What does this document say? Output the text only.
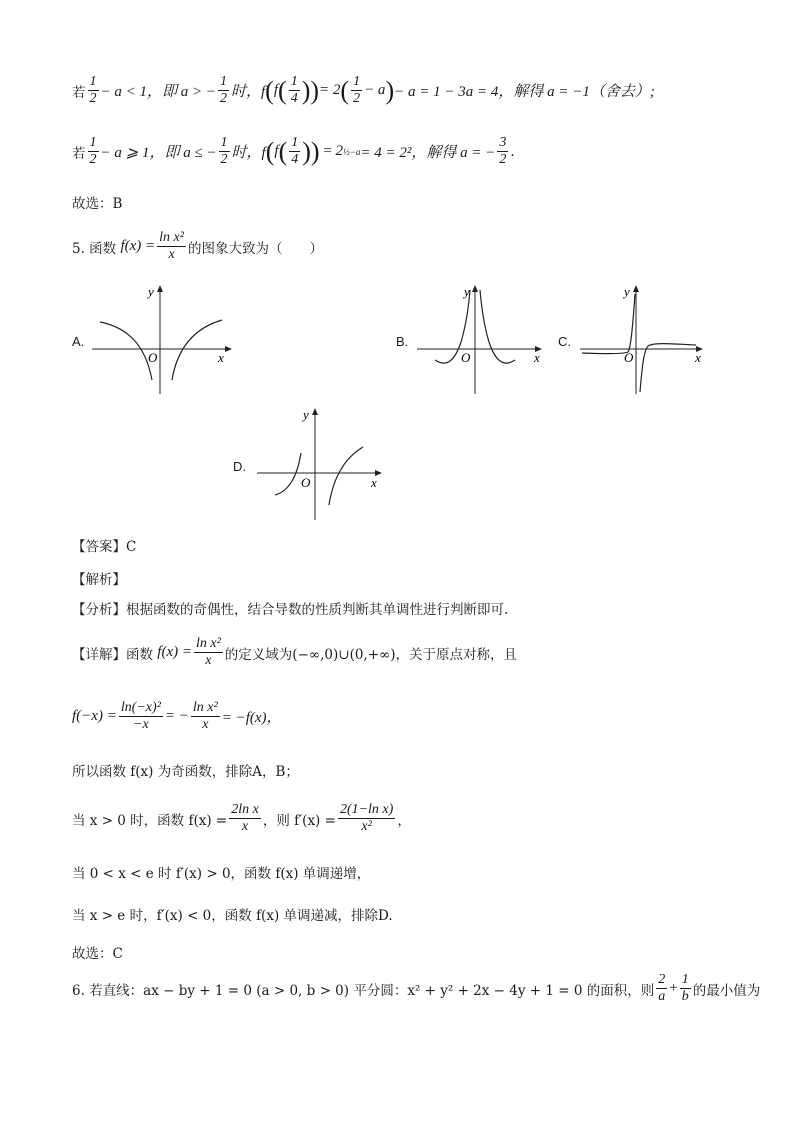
若 $\frac{1}{2} - a < 1$，即 a > − $\frac{1}{2}$ 时，f ( f ( $\frac{1}{4}$ )) = 2 ( $\frac{1}{2} - a$ ) − a = 1 − 3a = 4，解得 a = −1（舍去）;
若 $\frac{1}{2} - a$ ⩾ 1，即 a ≤ − $\frac{1}{2}$ 时，f ( f ( $\frac{1}{4}$ )) = 2 ½−a = 4 = 2²，解得 a = − $\frac{3}{2}$ .
故选：B
5. 函数
$f(x) = \frac{\text{ln x²}}{x}$ 的图象大致为（　　）
A.	B.	C.
D.
O	x
y
O	x
y
O	x
y
O	x
y
【答案】C
【解析】
【分析】根据函数的奇偶性，结合导数的性质判断其单调性进行判断即可.
【详解】函数
$f(x) = \frac{\text{ln x²}}{x}$ 的定义域为(−∞,0)∪(0,+∞)，关于原点对称，且
$f(-x) = \frac{\text{ln(−x)²}}{-x}$ = − $\frac{\text{ln x²}}{x} = -f(x)$，
所以函数 f(x) 为奇函数，排除A，B；
当 x > 0 时，函数 $f(x) = \frac{\text{2ln x}}{x}$ ，则 $f'(x) = \frac{\text{2(1−ln x)}}{\text{x²}}$ ，
当 0 < x < e 时 f′(x) > 0，函数 f(x) 单调递增，
当 x > e 时，f′(x) < 0，函数 f(x) 单调递减，排除D.
故选：C
6. 若直线：ax − by + 1 = 0 (a > 0, b > 0) 平分圆：x² + y² + 2x − 4y + 1 = 0 的面积，则 $\frac{2}{a} + \frac{1}{b}$ 的最小值为
